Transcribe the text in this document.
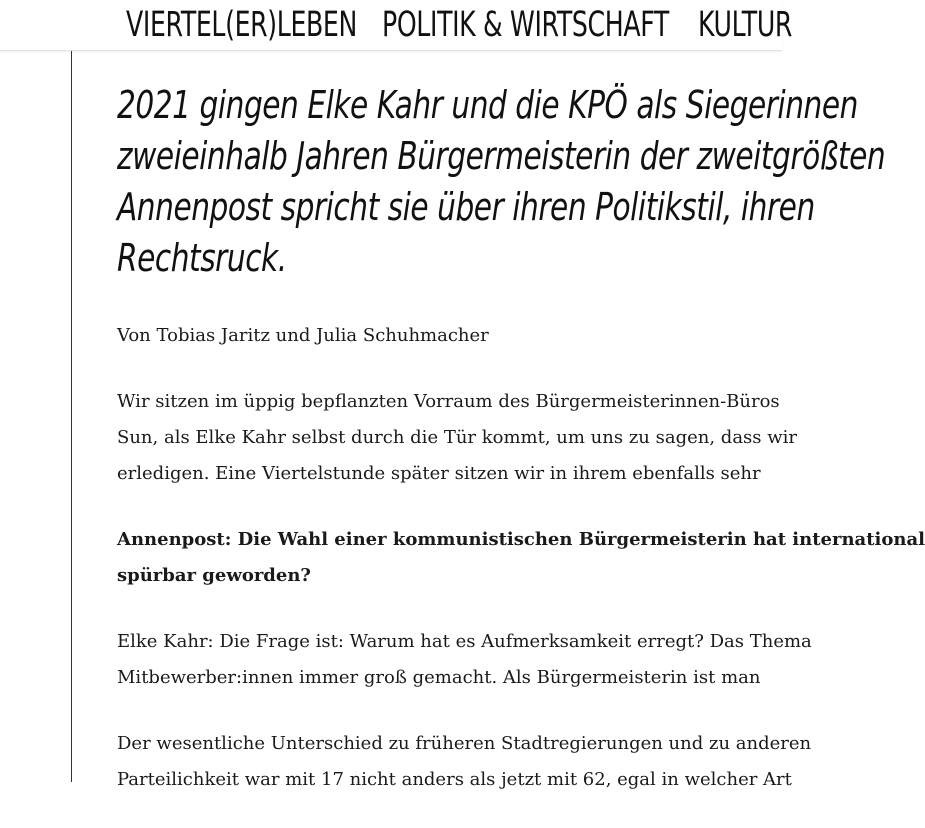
VIERTEL(ER)LEBEN POLITIK & WIRTSCHAFT KULTUR
2021 gingen Elke Kahr und die KPÖ als Siegerinnen
zweieinhalb Jahren Bürgermeisterin der zweitgrößten
Annenpost spricht sie über ihren Politikstil, ihren
Rechtsruck.

Von Tobias Jaritz und Julia Schuhmacher

Wir sitzen im üppig bepflanzten Vorraum des Bürgermeisterinnen-Büros
Sun, als Elke Kahr selbst durch die Tür kommt, um uns zu sagen, dass wir
erledigen. Eine Viertelstunde später sitzen wir in ihrem ebenfalls sehr

Annenpost: Die Wahl einer kommunistischen Bürgermeisterin hat international
spürbar geworden?

Elke Kahr: Die Frage ist: Warum hat es Aufmerksamkeit erregt? Das Thema
Mitbewerber:innen immer groß gemacht. Als Bürgermeisterin ist man

Der wesentliche Unterschied zu früheren Stadtregierungen und zu anderen
Parteilichkeit war mit 17 nicht anders als jetzt mit 62, egal in welcher Art
